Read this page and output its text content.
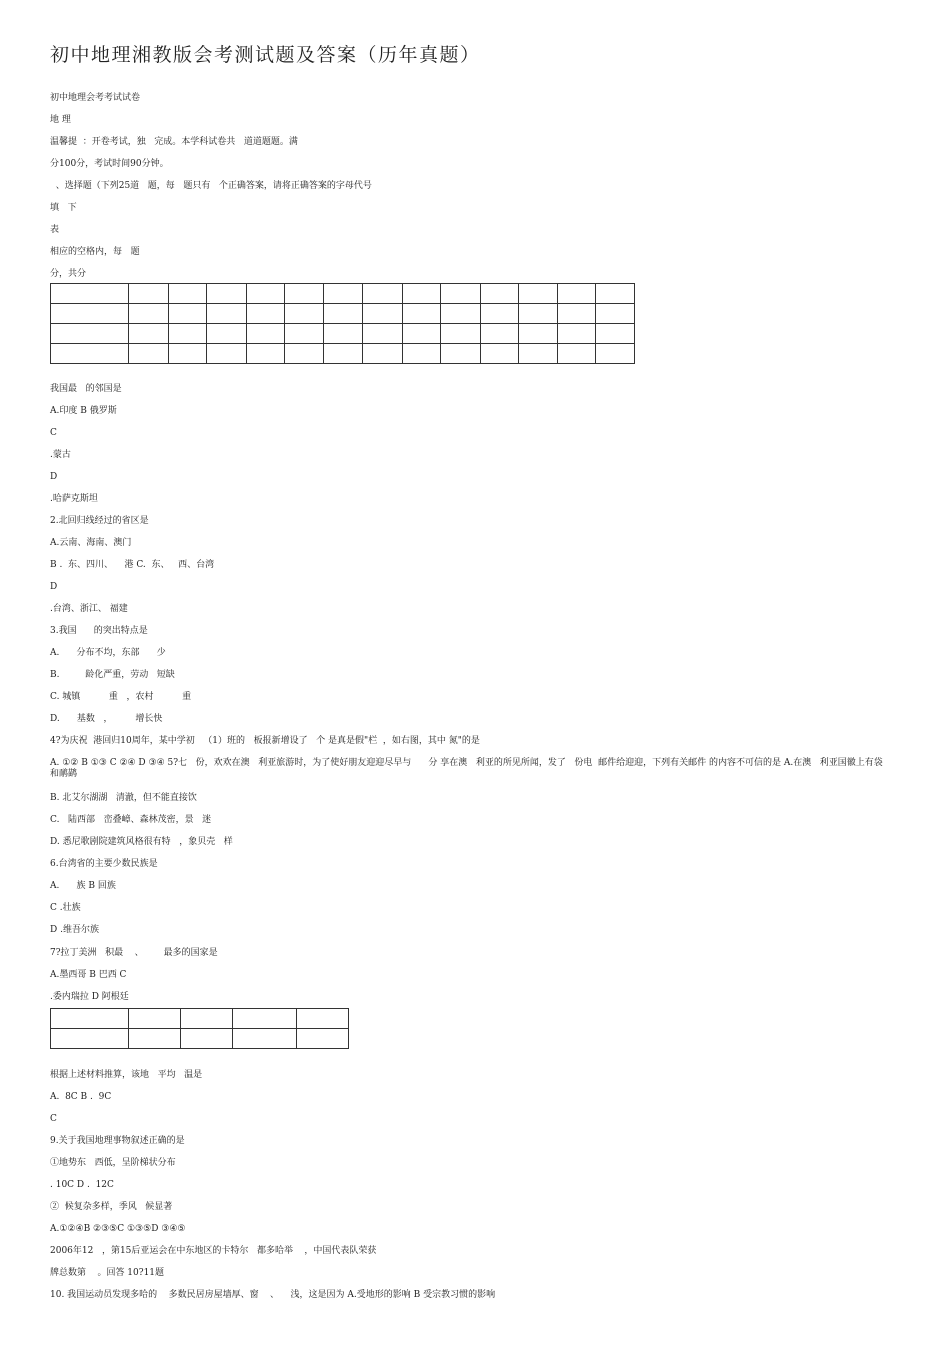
初中地理湘教版会考测试题及答案（历年真题）
初中地理会考考试试卷
地 理
温馨提  ：开卷考试，独   完成。本学科试卷共   道道题题。满
分100分，考试时间90分钟。
、选择题（下列25道   题，每   题只有   个正确答案，请将正确答案的字母代号
填   下
表
相应的空格内，每   题
分，共分

我国最   的邻国是
A.印度 B 俄罗斯
C
.蒙古
D
.哈萨克斯坦
2.北回归线经过的省区是
A.云南、海南、澳门
B .  东、四川、    港 C.  东、   西、台湾
D
.台湾、浙江、 福建
3.我国      的突出特点是
A.      分布不均，东部      少
B.         龄化严重，劳动   短缺
C. 城镇          重   ，农村          重
D.      基数   ，        增长快
4?为庆祝  港回归10周年，某中学初   （1）班的   板报新增设了   个 是真是假"栏  ，如右图，其中 氮"的是
A. ①② B ①③ C ②④ D ③④ 5?七   份，欢欢在澳   利亚旅游时，为了使好朋友迎迎尽早与      分 享在澳   利亚的所见所闻，发了   份电  邮件给迎迎，下列有关邮件 的内容不可信的是 A.在澳   利亚国徽上有袋   和鸸鹋
B. 北艾尔湖湖   清澈，但不能直接饮
C.   陆西部   峦叠嶂、森林茂密，景   迷
D. 悉尼歌剧院建筑风格很有特   ，象贝壳   样
6.台湾省的主要少数民族是
A.      族 B 回族
C .壮族
D .维吾尔族
7?拉丁美洲   积最    、       最多的国家是
A.墨西哥 B 巴西 C
.委内瑞拉 D 阿根廷

根据上述材料推算，该地   平均   温是
A.  8C B .  9C
C
9.关于我国地理事物叙述正确的是
①地势东   西低，呈阶梯状分布
. 10C D .  12C
②  候复杂多样，季风   候显著
A.①②④B ②③⑤C ①③⑤D ③④⑤
2006年12   ，第15后亚运会在中东地区的卡特尔   都多哈举    ，中国代表队荣获
牌总数第    。回答 10?11题
10. 我国运动员发现多哈的    多数民居房屋墙厚、窗    、    浅，这是因为 A.受地形的影响 B 受宗教习惯的影响
